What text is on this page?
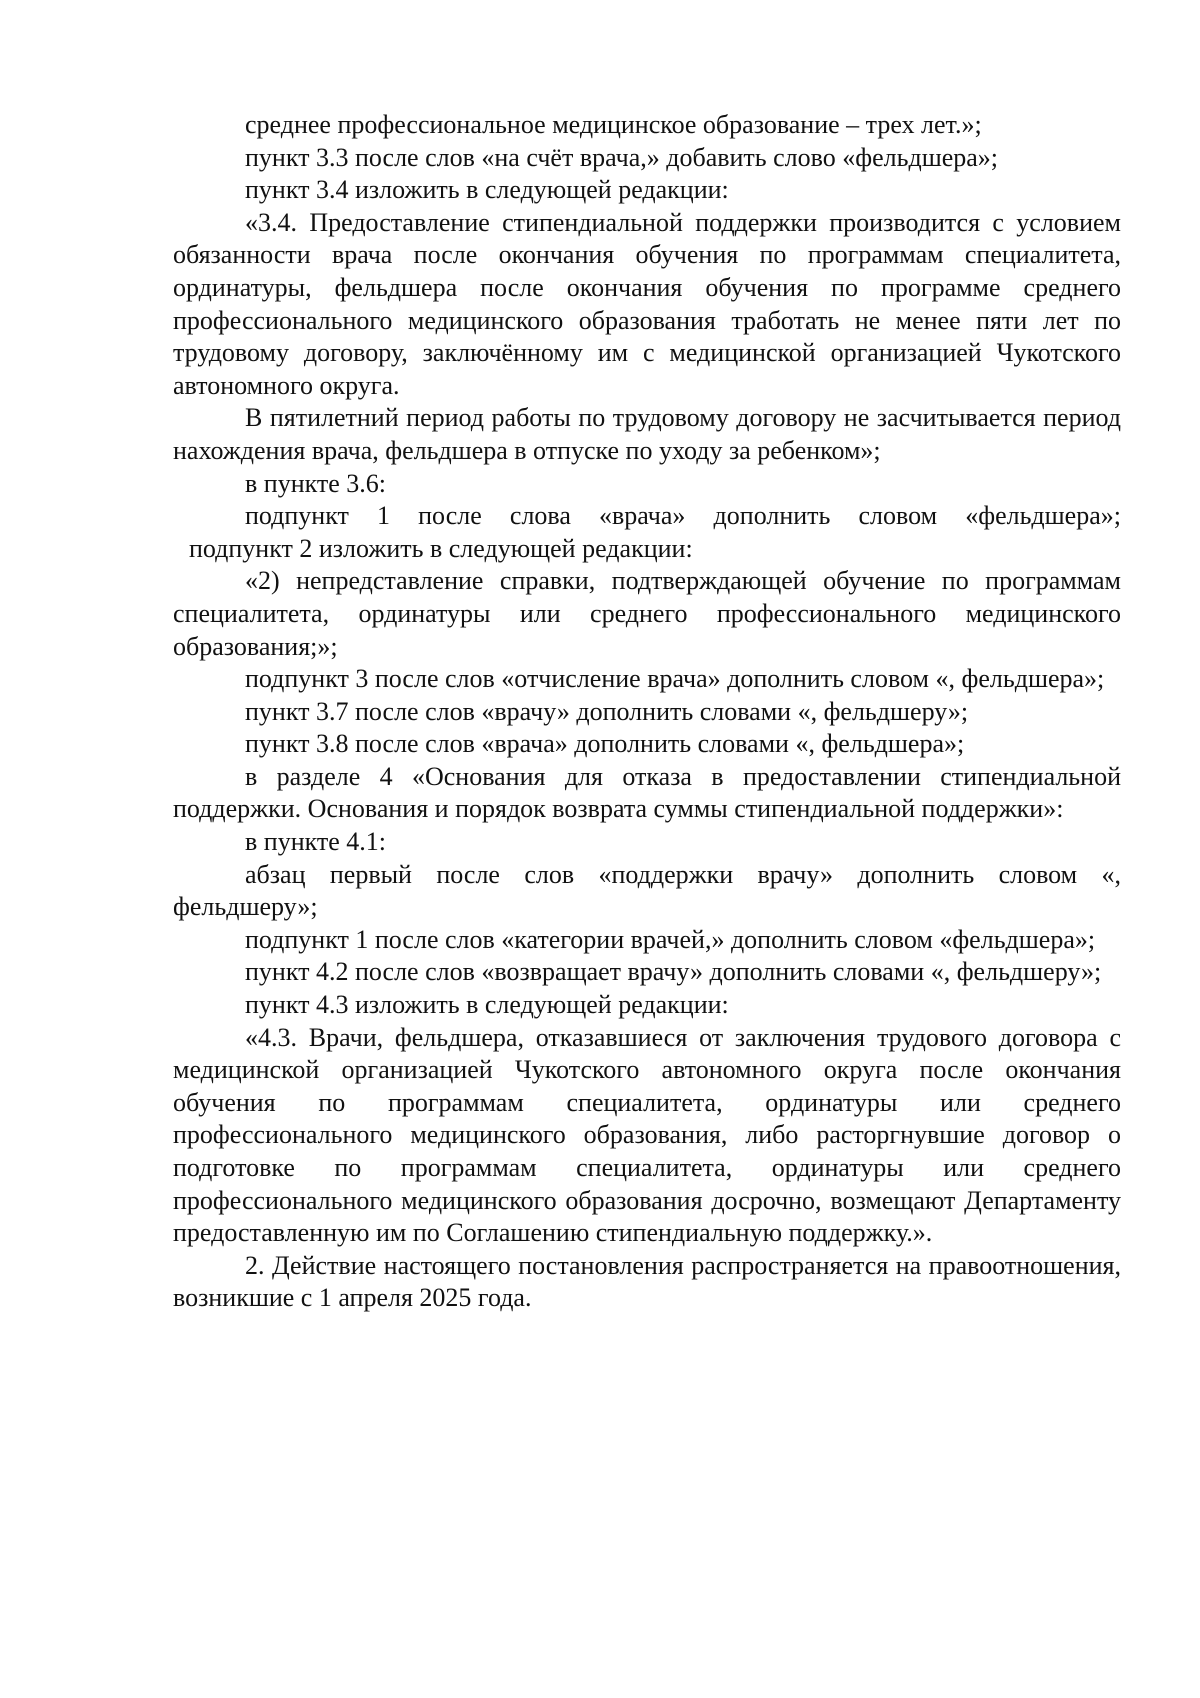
среднее профессиональное медицинское образование – трех лет.»;

пункт 3.3 после слов «на счёт врача,» добавить слово «фельдшера»;

пункт 3.4 изложить в следующей редакции:

«3.4. Предоставление стипендиальной поддержки производится с условием обязанности врача после окончания обучения по программам специалитета, ординатуры, фельдшера после окончания обучения по программе среднего профессионального медицинского образования тработать не менее пяти лет по трудовому договору, заключённому им с медицинской организацией Чукотского автономного округа.

В пятилетний период работы по трудовому договору не засчитывается период нахождения врача, фельдшера в отпуске по уходу за ребенком»;

в пункте 3.6:

подпункт 1 после слова «врача» дополнить словом «фельдшера»;

подпункт 2 изложить в следующей редакции:

«2) непредставление справки, подтверждающей обучение по программам специалитета, ординатуры или среднего профессионального медицинского образования;»;

подпункт 3 после слов «отчисление врача» дополнить словом «, фельдшера»;

пункт 3.7 после слов «врачу» дополнить словами «, фельдшеру»;

пункт 3.8 после слов «врача» дополнить словами «, фельдшера»;

в разделе 4 «Основания для отказа в предоставлении стипендиальной поддержки. Основания и порядок возврата суммы стипендиальной поддержки»:

в пункте 4.1:

абзац первый после слов «поддержки врачу» дополнить словом «, фельдшеру»;

подпункт 1 после слов «категории врачей,» дополнить словом «фельдшера»;

пункт 4.2 после слов «возвращает врачу» дополнить словами «, фельдшеру»;

пункт 4.3 изложить в следующей редакции:

«4.3. Врачи, фельдшера, отказавшиеся от заключения трудового договора с медицинской организацией Чукотского автономного округа после окончания обучения по программам специалитета, ординатуры или среднего профессионального медицинского образования, либо расторгнувшие договор о подготовке по программам специалитета, ординатуры или среднего профессионального медицинского образования досрочно, возмещают Департаменту предоставленную им по Соглашению стипендиальную поддержку.».

2. Действие настоящего постановления распространяется на правоотношения, возникшие с 1 апреля 2025 года.
